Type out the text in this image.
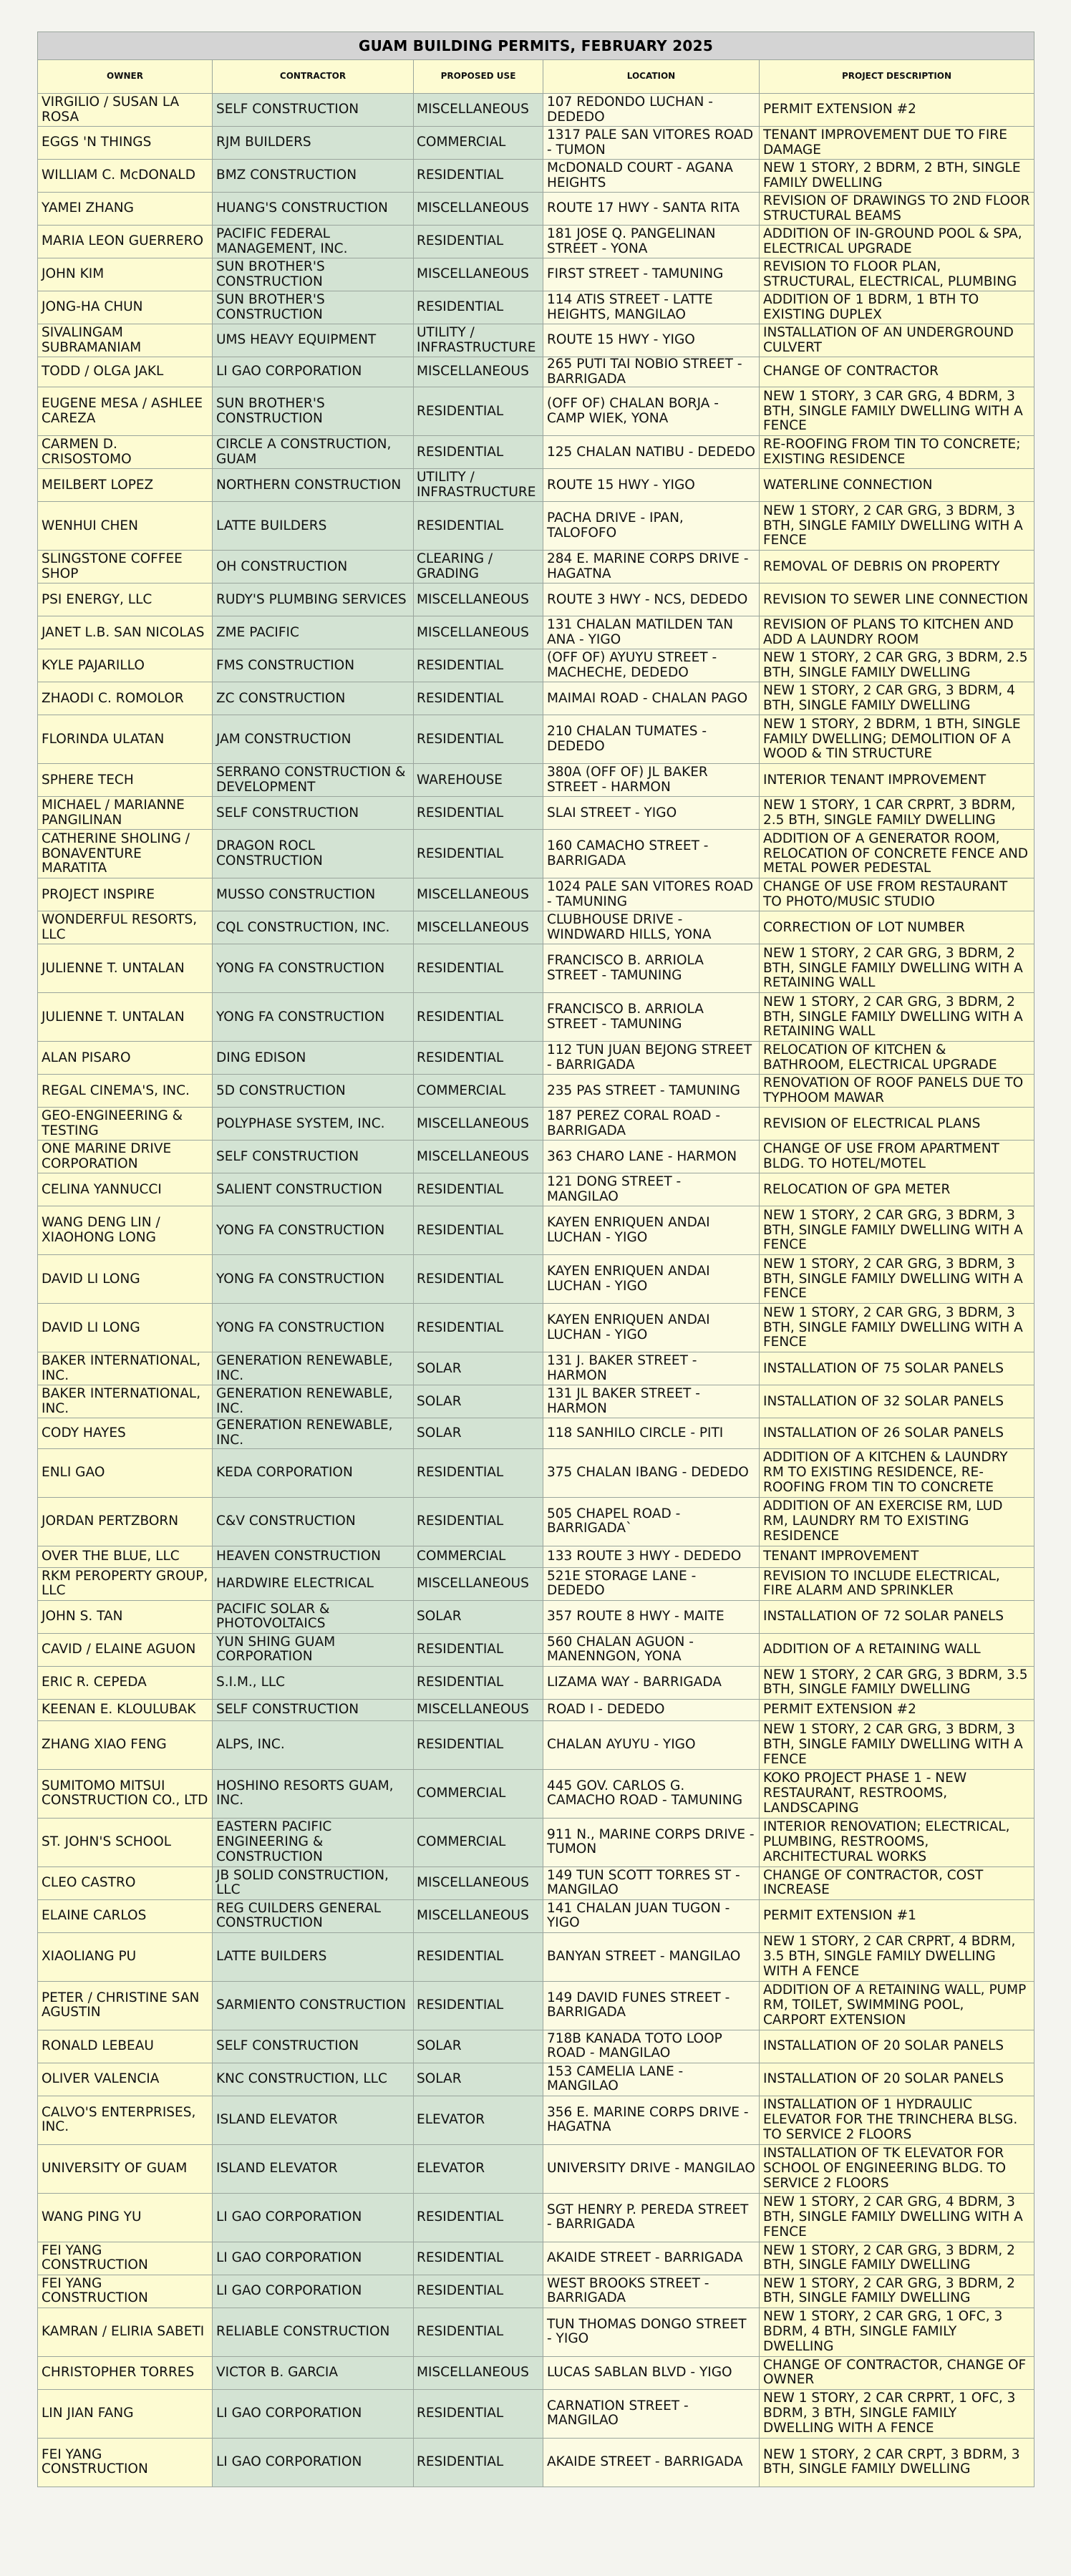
GUAM BUILDING PERMITS, FEBRUARY 2025
OWNER	CONTRACTOR	PROPOSED USE	LOCATION	PROJECT DESCRIPTION
VIRGILIO / SUSAN LA ROSA	SELF CONSTRUCTION	MISCELLANEOUS	107 REDONDO LUCHAN - DEDEDO	PERMIT EXTENSION #2
EGGS 'N THINGS	RJM BUILDERS	COMMERCIAL	1317 PALE SAN VITORES ROAD - TUMON	TENANT IMPROVEMENT DUE TO FIRE DAMAGE
WILLIAM C. McDONALD	BMZ CONSTRUCTION	RESIDENTIAL	McDONALD COURT - AGANA HEIGHTS	NEW 1 STORY, 2 BDRM, 2 BTH, SINGLE FAMILY DWELLING
YAMEI ZHANG	HUANG'S CONSTRUCTION	MISCELLANEOUS	ROUTE 17 HWY - SANTA RITA	REVISION OF DRAWINGS TO 2ND FLOOR STRUCTURAL BEAMS
MARIA LEON GUERRERO	PACIFIC FEDERAL MANAGEMENT, INC.	RESIDENTIAL	181 JOSE Q. PANGELINAN STREET - YONA	ADDITION OF IN-GROUND POOL & SPA, ELECTRICAL UPGRADE
JOHN KIM	SUN BROTHER'S CONSTRUCTION	MISCELLANEOUS	FIRST STREET - TAMUNING	REVISION TO FLOOR PLAN, STRUCTURAL, ELECTRICAL, PLUMBING
JONG-HA CHUN	SUN BROTHER'S CONSTRUCTION	RESIDENTIAL	114 ATIS STREET - LATTE HEIGHTS, MANGILAO	ADDITION OF 1 BDRM, 1 BTH TO EXISTING DUPLEX
SIVALINGAM SUBRAMANIAM	UMS HEAVY EQUIPMENT	UTILITY / INFRASTRUCTURE	ROUTE 15 HWY - YIGO	INSTALLATION OF AN UNDERGROUND CULVERT
TODD / OLGA JAKL	LI GAO CORPORATION	MISCELLANEOUS	265 PUTI TAI NOBIO STREET - BARRIGADA	CHANGE OF CONTRACTOR
EUGENE MESA / ASHLEE CAREZA	SUN BROTHER'S CONSTRUCTION	RESIDENTIAL	(OFF OF) CHALAN BORJA - CAMP WIEK, YONA	NEW 1 STORY, 3 CAR GRG, 4 BDRM, 3 BTH, SINGLE FAMILY DWELLING WITH A FENCE
CARMEN D. CRISOSTOMO	CIRCLE A CONSTRUCTION, GUAM	RESIDENTIAL	125 CHALAN NATIBU - DEDEDO	RE-ROOFING FROM TIN TO CONCRETE; EXISTING RESIDENCE
MEILBERT LOPEZ	NORTHERN CONSTRUCTION	UTILITY / INFRASTRUCTURE	ROUTE 15 HWY - YIGO	WATERLINE CONNECTION
WENHUI CHEN	LATTE BUILDERS	RESIDENTIAL	PACHA DRIVE - IPAN, TALOFOFO	NEW 1 STORY, 2 CAR GRG, 3 BDRM, 3 BTH, SINGLE FAMILY DWELLING WITH A FENCE
SLINGSTONE COFFEE SHOP	OH CONSTRUCTION	CLEARING / GRADING	284 E. MARINE CORPS DRIVE - HAGATNA	REMOVAL OF DEBRIS ON PROPERTY
PSI ENERGY, LLC	RUDY'S PLUMBING SERVICES	MISCELLANEOUS	ROUTE 3 HWY - NCS, DEDEDO	REVISION TO SEWER LINE CONNECTION
JANET L.B. SAN NICOLAS	ZME PACIFIC	MISCELLANEOUS	131 CHALAN MATILDEN TAN ANA - YIGO	REVISION OF PLANS TO KITCHEN AND ADD A LAUNDRY ROOM
KYLE PAJARILLO	FMS CONSTRUCTION	RESIDENTIAL	(OFF OF) AYUYU STREET - MACHECHE, DEDEDO	NEW 1 STORY, 2 CAR GRG, 3 BDRM, 2.5 BTH, SINGLE FAMILY DWELLING
ZHAODI C. ROMOLOR	ZC CONSTRUCTION	RESIDENTIAL	MAIMAI ROAD - CHALAN PAGO	NEW 1 STORY, 2 CAR GRG, 3 BDRM, 4 BTH, SINGLE FAMILY DWELLING
FLORINDA ULATAN	JAM CONSTRUCTION	RESIDENTIAL	210 CHALAN TUMATES - DEDEDO	NEW 1 STORY, 2 BDRM, 1 BTH, SINGLE FAMILY DWELLING; DEMOLITION OF A WOOD & TIN STRUCTURE
SPHERE TECH	SERRANO CONSTRUCTION & DEVELOPMENT	WAREHOUSE	380A (OFF OF) JL BAKER STREET - HARMON	INTERIOR TENANT IMPROVEMENT
MICHAEL / MARIANNE PANGILINAN	SELF CONSTRUCTION	RESIDENTIAL	SLAI STREET - YIGO	NEW 1 STORY, 1 CAR CRPRT, 3 BDRM, 2.5 BTH, SINGLE FAMILY DWELLING
CATHERINE SHOLING / BONAVENTURE MARATITA	DRAGON ROCL CONSTRUCTION	RESIDENTIAL	160 CAMACHO STREET - BARRIGADA	ADDITION OF A GENERATOR ROOM, RELOCATION OF CONCRETE FENCE AND METAL POWER PEDESTAL
PROJECT INSPIRE	MUSSO CONSTRUCTION	MISCELLANEOUS	1024 PALE SAN VITORES ROAD - TAMUNING	CHANGE OF USE FROM RESTAURANT TO PHOTO/MUSIC STUDIO
WONDERFUL RESORTS, LLC	CQL CONSTRUCTION, INC.	MISCELLANEOUS	CLUBHOUSE DRIVE - WINDWARD HILLS, YONA	CORRECTION OF LOT NUMBER
JULIENNE T. UNTALAN	YONG FA CONSTRUCTION	RESIDENTIAL	FRANCISCO B. ARRIOLA STREET - TAMUNING	NEW 1 STORY, 2 CAR GRG, 3 BDRM, 2 BTH, SINGLE FAMILY DWELLING WITH A RETAINING WALL
JULIENNE T. UNTALAN	YONG FA CONSTRUCTION	RESIDENTIAL	FRANCISCO B. ARRIOLA STREET - TAMUNING	NEW 1 STORY, 2 CAR GRG, 3 BDRM, 2 BTH, SINGLE FAMILY DWELLING WITH A RETAINING WALL
ALAN PISARO	DING EDISON	RESIDENTIAL	112 TUN JUAN BEJONG STREET - BARRIGADA	RELOCATION OF KITCHEN & BATHROOM, ELECTRICAL UPGRADE
REGAL CINEMA'S, INC.	5D CONSTRUCTION	COMMERCIAL	235 PAS STREET - TAMUNING	RENOVATION OF ROOF PANELS DUE TO TYPHOOM MAWAR
GEO-ENGINEERING & TESTING	POLYPHASE SYSTEM, INC.	MISCELLANEOUS	187 PEREZ CORAL ROAD - BARRIGADA	REVISION OF ELECTRICAL PLANS
ONE MARINE DRIVE CORPORATION	SELF CONSTRUCTION	MISCELLANEOUS	363 CHARO LANE - HARMON	CHANGE OF USE FROM APARTMENT BLDG. TO HOTEL/MOTEL
CELINA YANNUCCI	SALIENT CONSTRUCTION	RESIDENTIAL	121 DONG STREET - MANGILAO	RELOCATION OF GPA METER
WANG DENG LIN / XIAOHONG LONG	YONG FA CONSTRUCTION	RESIDENTIAL	KAYEN ENRIQUEN ANDAI LUCHAN - YIGO	NEW 1 STORY, 2 CAR GRG, 3 BDRM, 3 BTH, SINGLE FAMILY DWELLING WITH A FENCE
DAVID LI LONG	YONG FA CONSTRUCTION	RESIDENTIAL	KAYEN ENRIQUEN ANDAI LUCHAN - YIGO	NEW 1 STORY, 2 CAR GRG, 3 BDRM, 3 BTH, SINGLE FAMILY DWELLING WITH A FENCE
DAVID LI LONG	YONG FA CONSTRUCTION	RESIDENTIAL	KAYEN ENRIQUEN ANDAI LUCHAN - YIGO	NEW 1 STORY, 2 CAR GRG, 3 BDRM, 3 BTH, SINGLE FAMILY DWELLING WITH A FENCE
BAKER INTERNATIONAL, INC.	GENERATION RENEWABLE, INC.	SOLAR	131 J. BAKER STREET - HARMON	INSTALLATION OF 75 SOLAR PANELS
BAKER INTERNATIONAL, INC.	GENERATION RENEWABLE, INC.	SOLAR	131 JL BAKER STREET - HARMON	INSTALLATION OF 32 SOLAR PANELS
CODY HAYES	GENERATION RENEWABLE, INC.	SOLAR	118 SANHILO CIRCLE - PITI	INSTALLATION OF 26 SOLAR PANELS
ENLI GAO	KEDA CORPORATION	RESIDENTIAL	375 CHALAN IBANG - DEDEDO	ADDITION OF A KITCHEN & LAUNDRY RM TO EXISTING RESIDENCE, RE-ROOFING FROM TIN TO CONCRETE
JORDAN PERTZBORN	C&V CONSTRUCTION	RESIDENTIAL	505 CHAPEL ROAD - BARRIGADA`	ADDITION OF AN EXERCISE RM, LUD RM, LAUNDRY RM TO EXISTING RESIDENCE
OVER THE BLUE, LLC	HEAVEN CONSTRUCTION	COMMERCIAL	133 ROUTE 3 HWY - DEDEDO	TENANT IMPROVEMENT
RKM PEROPERTY GROUP, LLC	HARDWIRE ELECTRICAL	MISCELLANEOUS	521E STORAGE LANE - DEDEDO	REVISION TO INCLUDE ELECTRICAL, FIRE ALARM AND SPRINKLER
JOHN S. TAN	PACIFIC SOLAR & PHOTOVOLTAICS	SOLAR	357 ROUTE 8 HWY - MAITE	INSTALLATION OF 72 SOLAR PANELS
CAVID / ELAINE AGUON	YUN SHING GUAM CORPORATION	RESIDENTIAL	560 CHALAN AGUON - MANENNGON, YONA	ADDITION OF A RETAINING WALL
ERIC R. CEPEDA	S.I.M., LLC	RESIDENTIAL	LIZAMA WAY - BARRIGADA	NEW 1 STORY, 2 CAR GRG, 3 BDRM, 3.5 BTH, SINGLE FAMILY DWELLING
KEENAN E. KLOULUBAK	SELF CONSTRUCTION	MISCELLANEOUS	ROAD I - DEDEDO	PERMIT EXTENSION #2
ZHANG XIAO FENG	ALPS, INC.	RESIDENTIAL	CHALAN AYUYU - YIGO	NEW 1 STORY, 2 CAR GRG, 3 BDRM, 3 BTH, SINGLE FAMILY DWELLING WITH A FENCE
SUMITOMO MITSUI CONSTRUCTION CO., LTD	HOSHINO RESORTS GUAM, INC.	COMMERCIAL	445 GOV. CARLOS G. CAMACHO ROAD - TAMUNING	KOKO PROJECT PHASE 1 - NEW RESTAURANT, RESTROOMS, LANDSCAPING
ST. JOHN'S SCHOOL	EASTERN PACIFIC ENGINEERING & CONSTRUCTION	COMMERCIAL	911 N., MARINE CORPS DRIVE - TUMON	INTERIOR RENOVATION; ELECTRICAL, PLUMBING, RESTROOMS, ARCHITECTURAL WORKS
CLEO CASTRO	JB SOLID CONSTRUCTION, LLC	MISCELLANEOUS	149 TUN SCOTT TORRES ST - MANGILAO	CHANGE OF CONTRACTOR, COST INCREASE
ELAINE CARLOS	REG CUILDERS GENERAL CONSTRUCTION	MISCELLANEOUS	141 CHALAN JUAN TUGON - YIGO	PERMIT EXTENSION #1
XIAOLIANG PU	LATTE BUILDERS	RESIDENTIAL	BANYAN STREET - MANGILAO	NEW 1 STORY, 2 CAR CRPRT, 4 BDRM, 3.5 BTH, SINGLE FAMILY DWELLING WITH A FENCE
PETER / CHRISTINE SAN AGUSTIN	SARMIENTO CONSTRUCTION	RESIDENTIAL	149 DAVID FUNES STREET - BARRIGADA	ADDITION OF A RETAINING WALL, PUMP RM, TOILET, SWIMMING POOL, CARPORT EXTENSION
RONALD LEBEAU	SELF CONSTRUCTION	SOLAR	718B KANADA TOTO LOOP ROAD - MANGILAO	INSTALLATION OF 20 SOLAR PANELS
OLIVER VALENCIA	KNC CONSTRUCTION, LLC	SOLAR	153 CAMELIA LANE - MANGILAO	INSTALLATION OF 20 SOLAR PANELS
CALVO'S ENTERPRISES, INC.	ISLAND ELEVATOR	ELEVATOR	356 E. MARINE CORPS DRIVE -HAGATNA	INSTALLATION OF 1 HYDRAULIC ELEVATOR FOR THE TRINCHERA BLSG. TO SERVICE 2 FLOORS
UNIVERSITY OF GUAM	ISLAND ELEVATOR	ELEVATOR	UNIVERSITY DRIVE - MANGILAO	INSTALLATION OF TK ELEVATOR FOR SCHOOL OF ENGINEERING BLDG. TO SERVICE 2 FLOORS
WANG PING YU	LI GAO CORPORATION	RESIDENTIAL	SGT HENRY P. PEREDA STREET - BARRIGADA	NEW 1 STORY, 2 CAR GRG, 4 BDRM, 3 BTH, SINGLE FAMILY DWELLING WITH A FENCE
FEI YANG CONSTRUCTION	LI GAO CORPORATION	RESIDENTIAL	AKAIDE STREET - BARRIGADA	NEW 1 STORY, 2 CAR GRG, 3 BDRM, 2 BTH, SINGLE FAMILY DWELLING
FEI YANG CONSTRUCTION	LI GAO CORPORATION	RESIDENTIAL	WEST BROOKS STREET - BARRIGADA	NEW 1 STORY, 2 CAR GRG, 3 BDRM, 2 BTH, SINGLE FAMILY DWELLING
KAMRAN / ELIRIA SABETI	RELIABLE CONSTRUCTION	RESIDENTIAL	TUN THOMAS DONGO STREET - YIGO	NEW 1 STORY, 2 CAR GRG, 1 OFC, 3 BDRM, 4 BTH, SINGLE FAMILY DWELLING
CHRISTOPHER TORRES	VICTOR B. GARCIA	MISCELLANEOUS	LUCAS SABLAN BLVD - YIGO	CHANGE OF CONTRACTOR, CHANGE OF OWNER
LIN JIAN FANG	LI GAO CORPORATION	RESIDENTIAL	CARNATION STREET - MANGILAO	NEW 1 STORY, 2 CAR CRPRT, 1 OFC, 3 BDRM, 3 BTH, SINGLE FAMILY DWELLING WITH A FENCE
FEI YANG CONSTRUCTION	LI GAO CORPORATION	RESIDENTIAL	AKAIDE STREET - BARRIGADA	NEW 1 STORY, 2 CAR CRPT, 3 BDRM, 3 BTH, SINGLE FAMILY DWELLING
